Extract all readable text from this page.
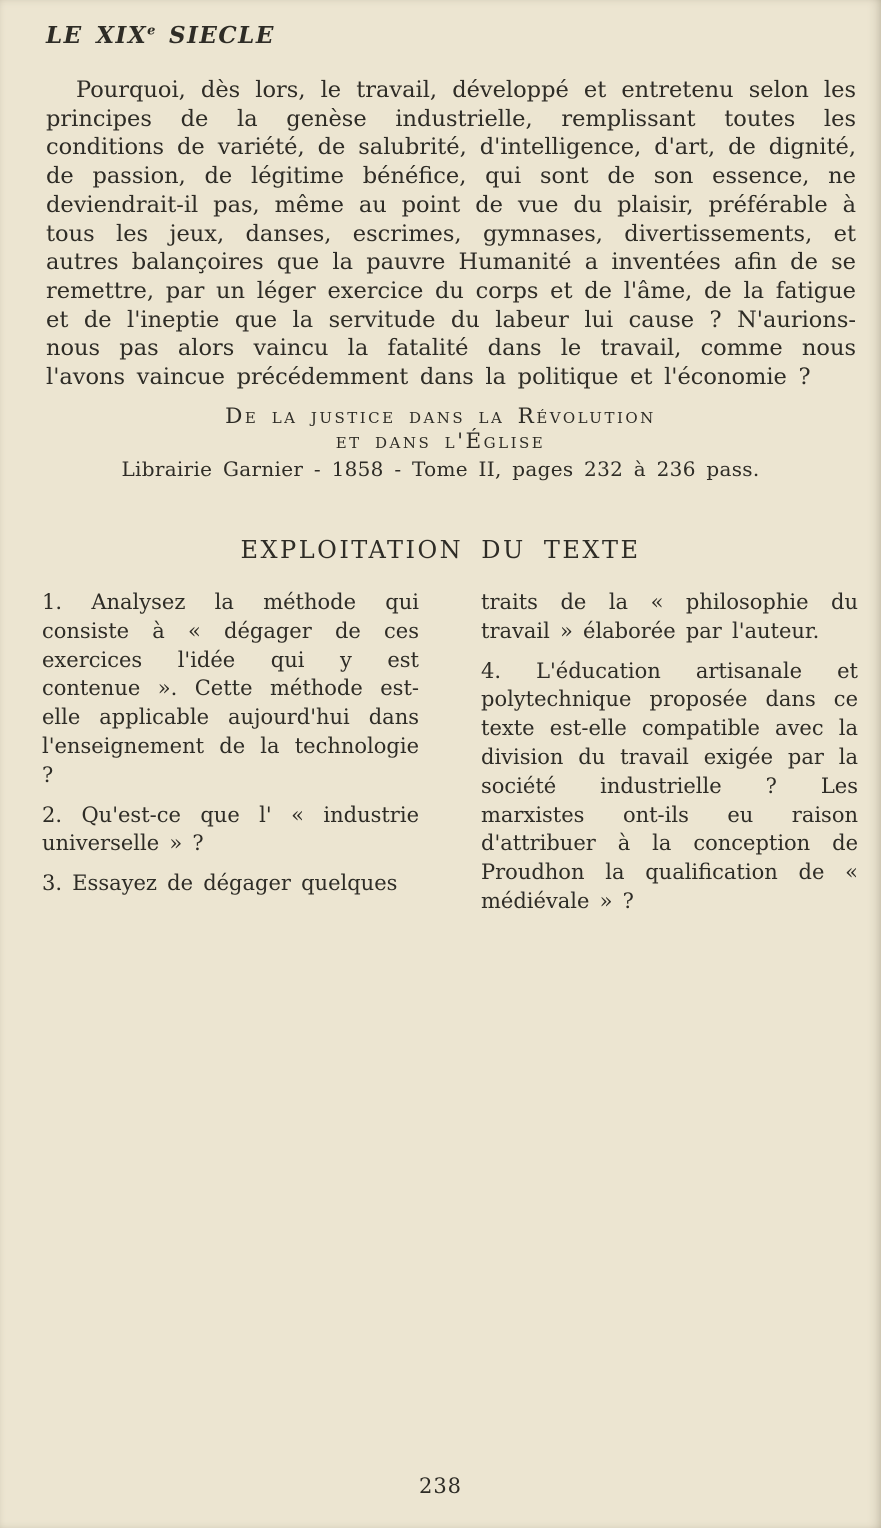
LE XIXe SIECLE

Pourquoi, dès lors, le travail, développé et entretenu selon les principes de la genèse industrielle, remplissant toutes les conditions de variété, de salubrité, d'intelligence, d'art, de dignité, de passion, de légitime bénéfice, qui sont de son essence, ne deviendrait-il pas, même au point de vue du plaisir, préférable à tous les jeux, danses, escrimes, gymnases, divertissements, et autres balançoires que la pauvre Humanité a inventées afin de se remettre, par un léger exercice du corps et de l'âme, de la fatigue et de l'ineptie que la servitude du labeur lui cause ? N'aurions-nous pas alors vaincu la fatalité dans le travail, comme nous l'avons vaincue précédemment dans la politique et l'économie ?

De la justice dans la Révolution
et dans l'Église
Librairie Garnier - 1858 - Tome II, pages 232 à 236 pass.
EXPLOITATION DU TEXTE

1. Analysez la méthode qui consiste à « dégager de ces exercices l'idée qui y est contenue ». Cette méthode est-elle applicable aujourd'hui dans l'enseignement de la technologie ?

2. Qu'est-ce que l' « industrie universelle » ?

3. Essayez de dégager quelques

traits de la « philosophie du travail » élaborée par l'auteur.

4. L'éducation artisanale et polytechnique proposée dans ce texte est-elle compatible avec la division du travail exigée par la société industrielle ? Les marxistes ont-ils eu raison d'attribuer à la conception de Proudhon la qualification de « médiévale » ?

238
